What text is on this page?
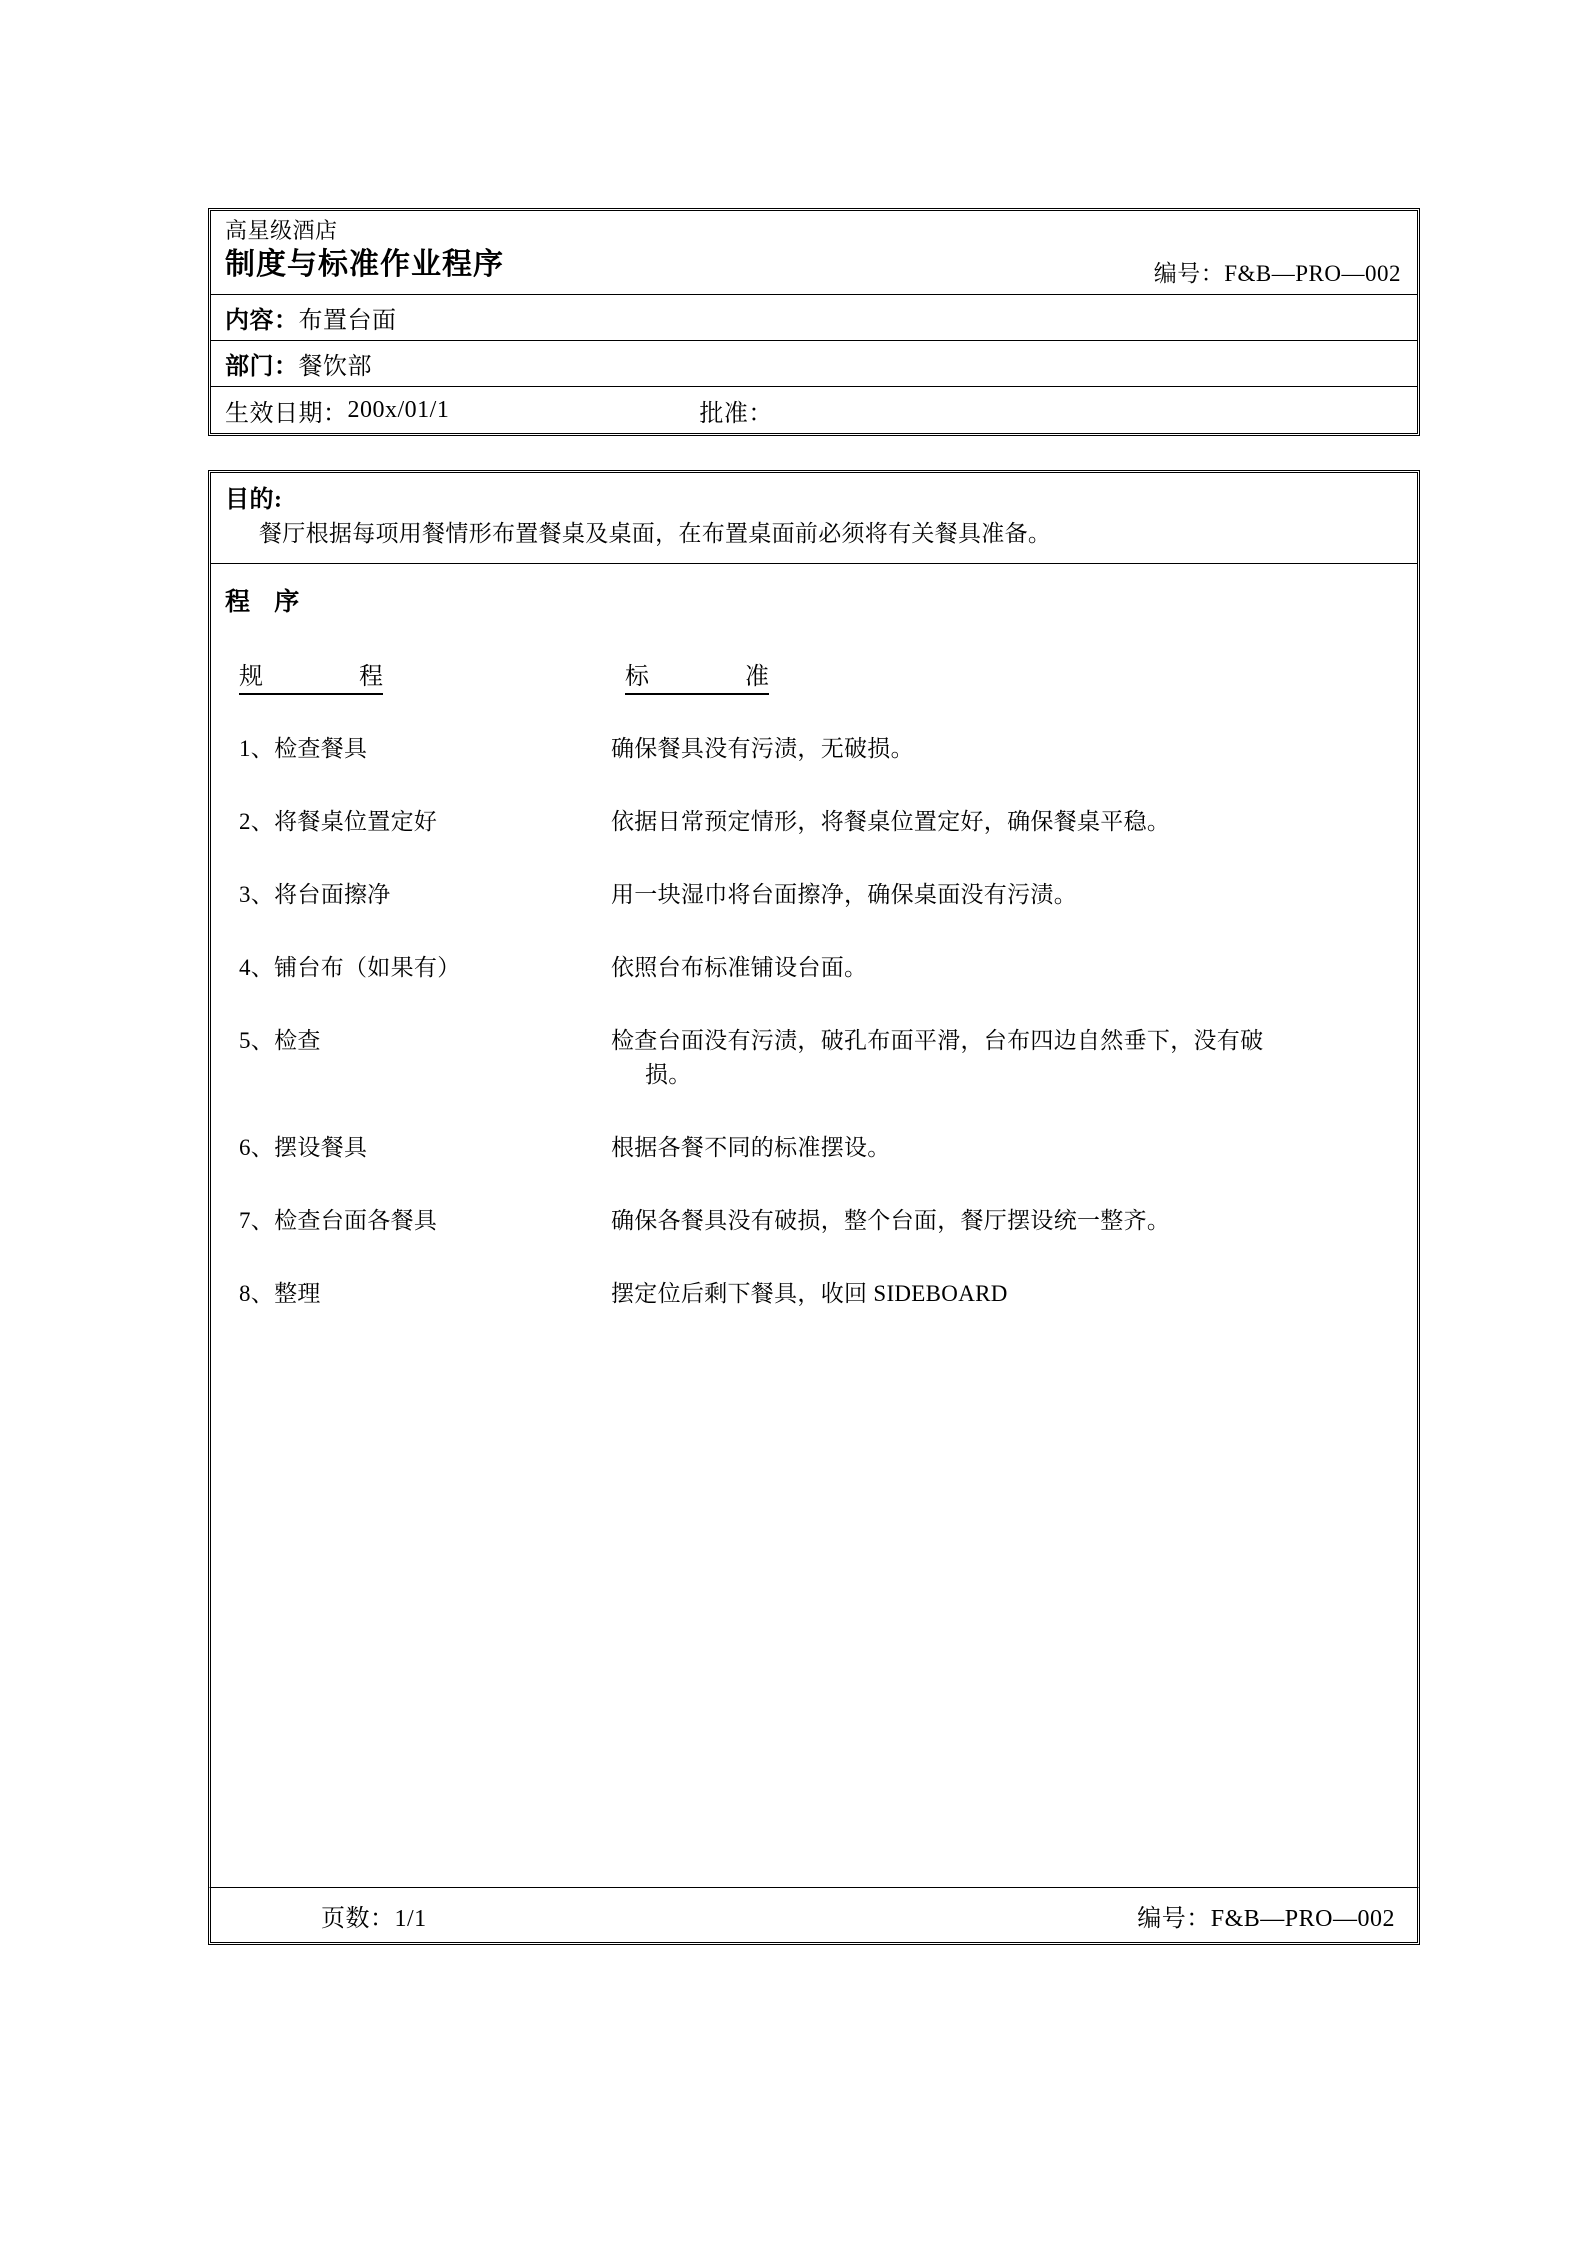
高星级酒店
制度与标准作业程序	编号：F&B—PRO—002
内容： 布置台面
部门： 餐饮部
生效日期： 200x/01/1	批准：
目的:
餐厅根据每项用餐情形布置餐桌及桌面，在布置桌面前必须将有关餐具准备。
程 序
规　　　　程	标　　　　准
1、检查餐具	确保餐具没有污渍，无破损。
2、将餐桌位置定好	依据日常预定情形，将餐桌位置定好，确保餐桌平稳。
3、将台面擦净	用一块湿巾将台面擦净，确保桌面没有污渍。
4、铺台布（如果有）	依照台布标准铺设台面。
5、检查	检查台面没有污渍，破孔布面平滑，台布四边自然垂下，没有破
损。
6、摆设餐具	根据各餐不同的标准摆设。
7、检查台面各餐具	确保各餐具没有破损，整个台面，餐厅摆设统一整齐。
8、整理	摆定位后剩下餐具，收回 SIDEBOARD
页数：1/1	编号：F&B—PRO—002
